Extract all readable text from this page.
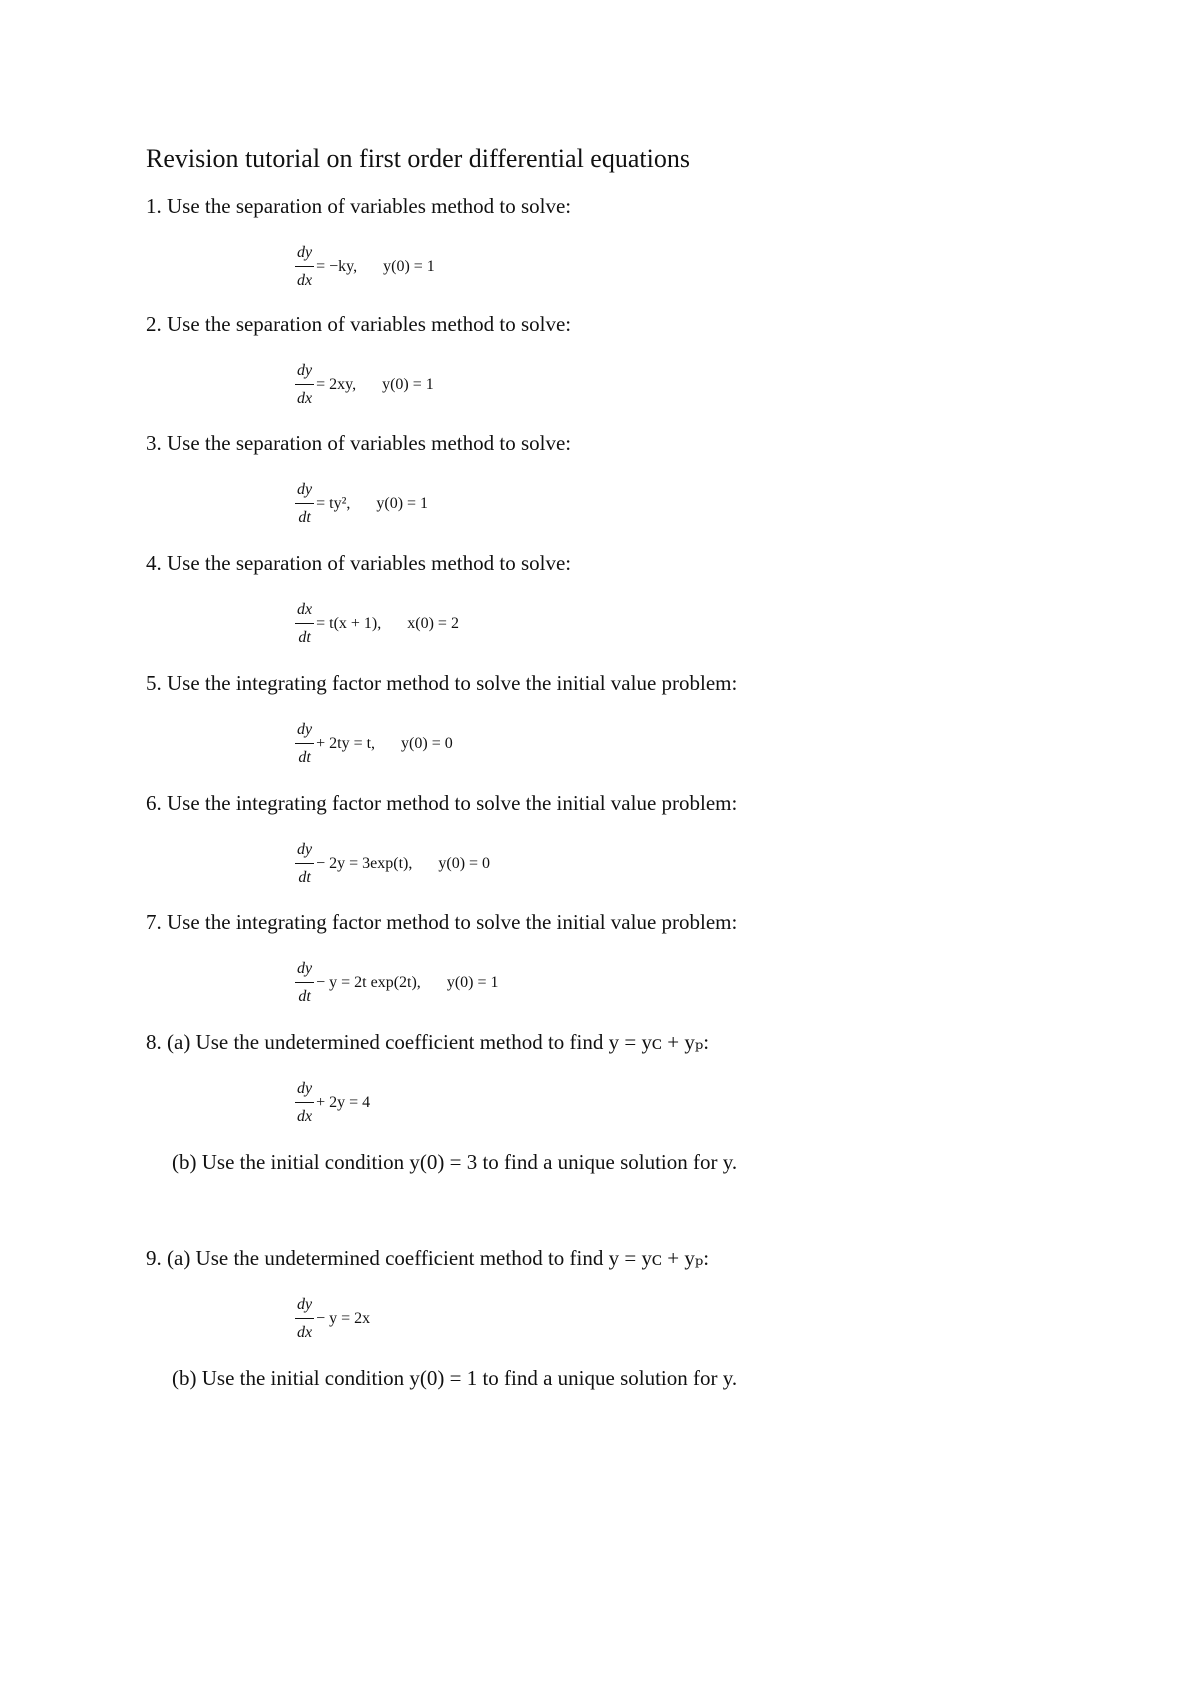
Revision tutorial on first order differential equations
1. Use the separation of variables method to solve:
$\frac{dy}{dx} = -ky$, y(0) = 1
2. Use the separation of variables method to solve:
$\frac{dy}{dx} = 2xy$, y(0) = 1
3. Use the separation of variables method to solve:
$\frac{dy}{dt} = ty^2$, y(0) = 1
4. Use the separation of variables method to solve:
$\frac{dx}{dt} = t(x + 1)$, x(0) = 2
5. Use the integrating factor method to solve the initial value problem:
$\frac{dy}{dt} + 2ty = t$, y(0) = 0
6. Use the integrating factor method to solve the initial value problem:
$\frac{dy}{dt} - 2y = 3\exp(t)$, y(0) = 0
7. Use the integrating factor method to solve the initial value problem:
$\frac{dy}{dt} - y = 2t$ exp(2t), y(0) = 1
8. (a) Use the undetermined coefficient method to find y = yᴄ + yₚ:
$\frac{dy}{dx} + 2y = 4$
(b) Use the initial condition y(0) = 3 to find a unique solution for y.
9. (a) Use the undetermined coefficient method to find y = yᴄ + yₚ:
$\frac{dy}{dx} - y = 2x$
(b) Use the initial condition y(0) = 1 to find a unique solution for y.
